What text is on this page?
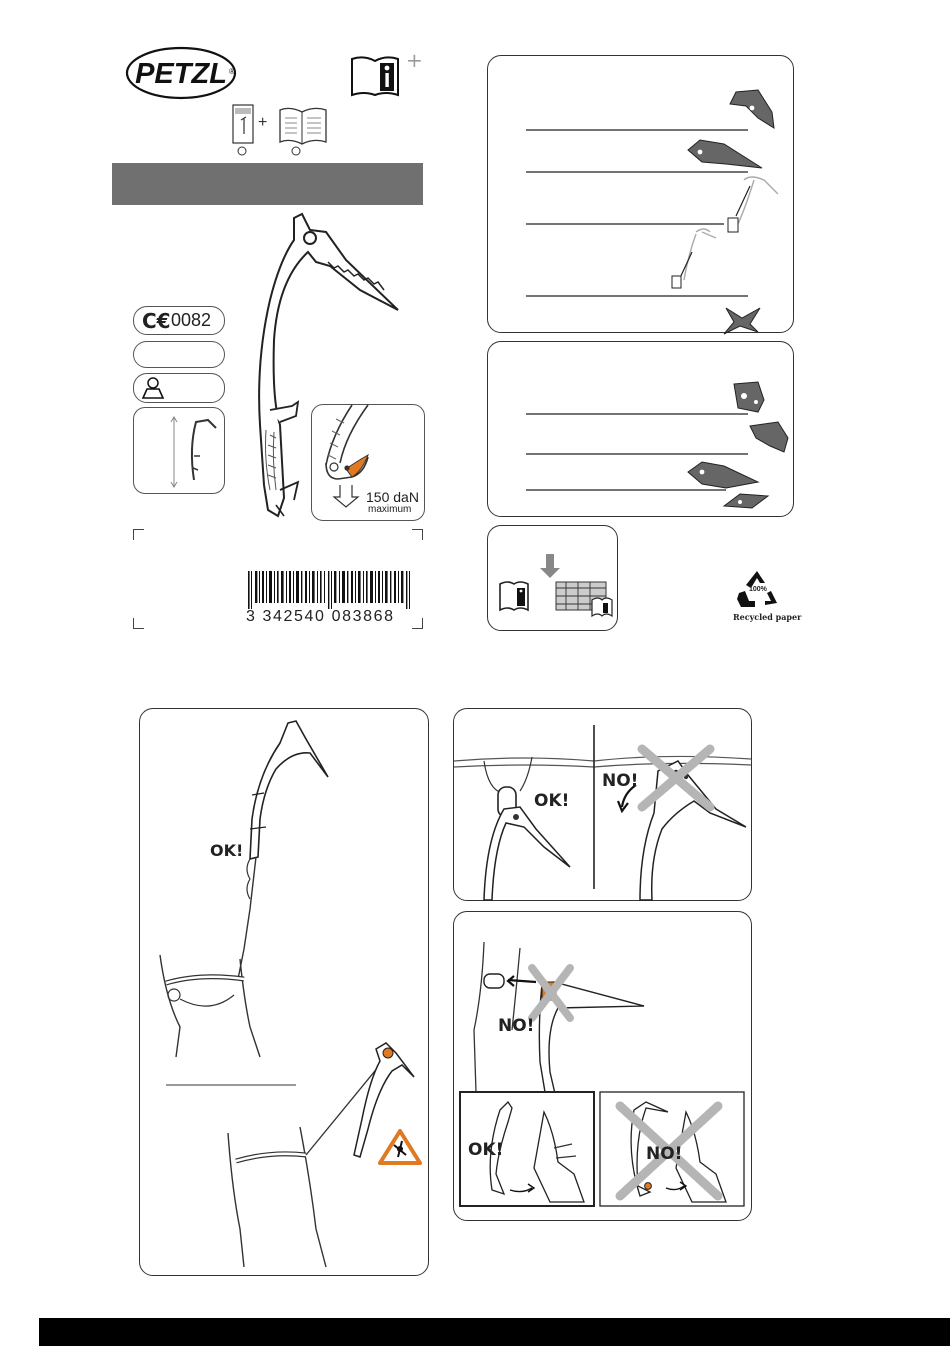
PETZL ®	+
+
C€ 0082
150 daN
maximum
3 342540 083868
100%
Recycled paper
OK!
OK!
NO!
NO!
OK!	NO!
